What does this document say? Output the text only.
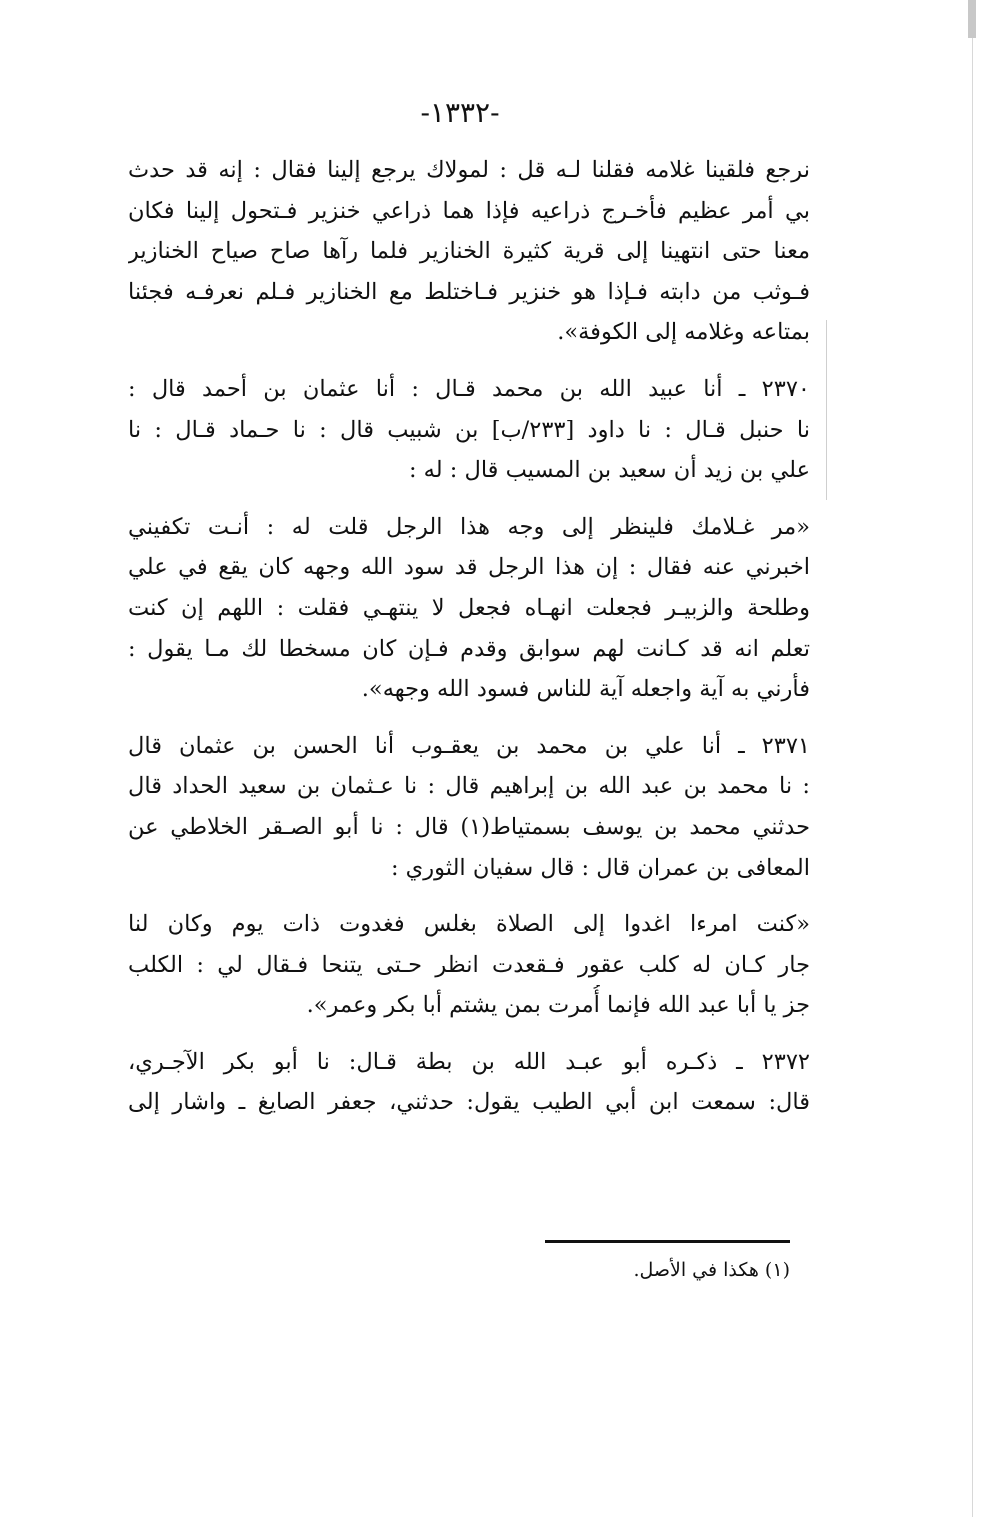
-١٣٣٢-
نرجع فلقينا غلامه فقلنا لـه قل : لمولاك يرجع إلينا فقال : إنه قد حدث
بي أمر عظيم فأخـرج ذراعيه فإذا هما ذراعي خنزير فـتحول إلينا فكان
معنا حتى انتهينا إلى قرية كثيرة الخنازير فلما رآها صاح صياح الخنازير
فـوثب من دابته فـإذا هو خنزير فـاختلط مع الخنازير فـلم نعرفـه فجئنا
بمتاعه وغلامه إلى الكوفة».
٢٣٧٠ ـ أنا عبيد الله بن محمد قـال : أنا عثمان بن أحمد قال :
نا حنبل قـال : نا داود [٢٣٣/ب] بن شبيب قال : نا حـماد قـال : نا
علي بن زيد أن سعيد بن المسيب قال : له :
«مر غـلامك فلينظر إلى وجه هذا الرجل قلت له : أنـت تكفيني
اخبرني عنه فقال : إن هذا الرجل قد سود الله وجهه كان يقع في علي
وطلحة والزبيـر فجعلت انهـاه فجعل لا ينتهـي فقلت : اللهم إن كنت
تعلم انه قد كـانت لهم سوابق وقدم فـإن كان مسخطا لك مـا يقول :
فأرني به آية واجعله آية للناس فسود الله وجهه».
٢٣٧١ ـ أنا علي بن محمد بن يعقـوب أنا الحسن بن عثمان قال
: نا محمد بن عبد الله بن إبراهيم قال : نا عـثمان بن سعيد الحداد قال
حدثني محمد بن يوسف بسمتياط(١) قال : نا أبو الصـقر الخلاطي عن
المعافى بن عمران قال : قال سفيان الثوري :
«كنت امرءا اغدوا إلى الصلاة بغلس فغدوت ذات يوم وكان لنا
جار كـان له كلب عقور فـقعدت انظر حـتى يتنحا فـقال لي : الكلب
جز يا أبا عبد الله فإنما أُمرت بمن يشتم أبا بكر وعمر».
٢٣٧٢ ـ ذكـره أبو عبـد الله بن بطة قـال: نا أبو بكر الآجـري،
قال: سمعت ابن أبي الطيب يقول: حدثني، جعفر الصايغ ـ واشار إلى
(١) هكذا في الأصل.
